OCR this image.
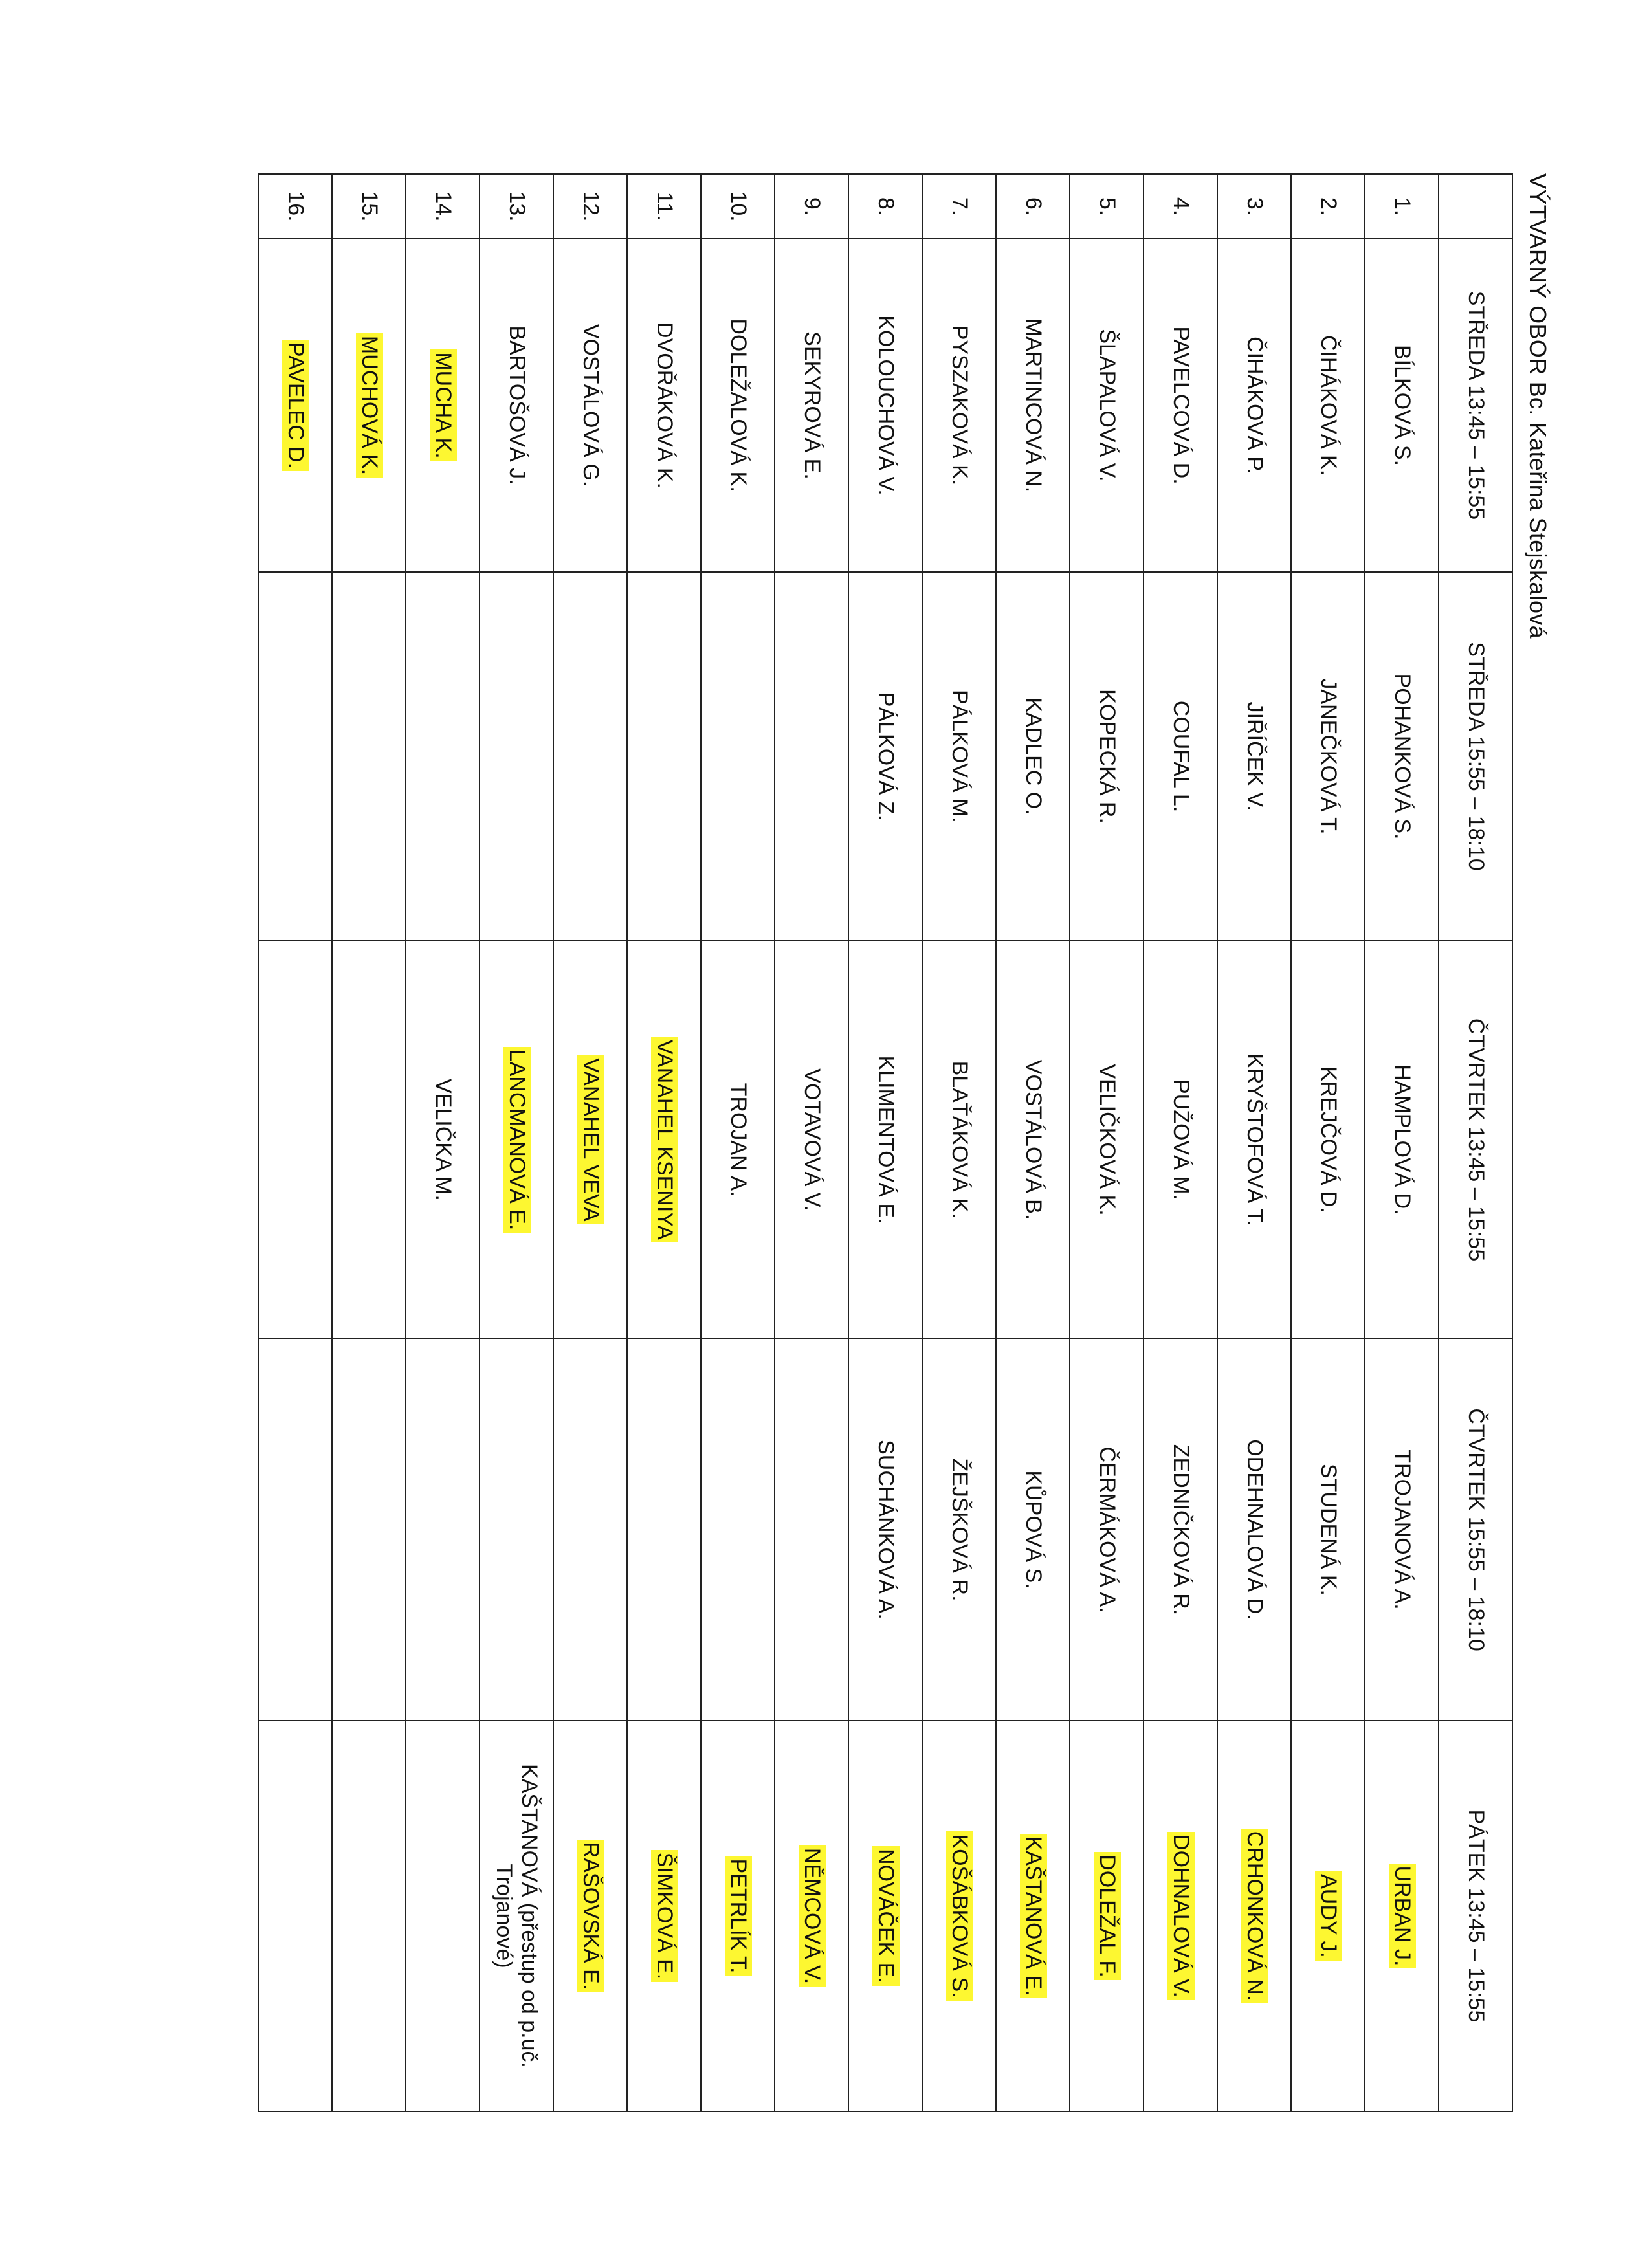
VÝTVARNÝ OBOR Bc. Kateřina Stejskalová
	STŘEDA 13:45 – 15:55	STŘEDA 15:55 – 18:10	ČTVRTEK 13:45 – 15:55	ČTVRTEK 15:55 – 18:10	PÁTEK 13:45 – 15:55
1.	BÍLKOVÁ S.	POHANKOVÁ S.	HAMPLOVÁ D.	TROJANOVÁ A.	URBAN J.
2.	ČIHÁKOVÁ K.	JANEČKOVÁ T.	KREJČOVÁ D.	STUDENÁ K.	AUDY J.
3.	ČIHÁKOVÁ P.	JIŘÍČEK V.	KRYŠTOFOVÁ T.	ODEHNALOVÁ D.	CRHONKOVÁ N.
4.	PAVELCOVÁ D.	COUFAL L.	PUŽOVÁ M.	ZEDNIČKOVÁ R.	DOHNALOVÁ V.
5.	ŠLAPALOVÁ V.	KOPECKÁ R.	VELIČKOVÁ K.	ČERMÁKOVÁ A.	DOLEŽAL F.
6.	MARTINCOVÁ N.	KADLEC O.	VOSTÁLOVÁ B.	KŮPOVÁ S.	KAŠTANOVÁ E.
7.	PYSZAKOVÁ K.	PÁLKOVÁ M.	BLAŤÁKOVÁ K.	ŽEJŠKOVÁ R.	KOŠÁBKOVÁ S.
8.	KOLOUCHOVÁ V.	PÁLKOVÁ Z.	KLIMENTOVÁ E.	SUCHÁNKOVÁ A.	NOVÁČEK E.
9.	SEKYROVÁ E.		VOTAVOVÁ V.		NĚMCOVÁ V.
10.	DOLEŽALOVÁ K.		TROJAN A.		PETRLÍK T.
11.	DVOŘÁKOVÁ K.		VANAHEL KSENIYA		ŠIMKOVÁ E.
12.	VOSTÁLOVÁ G.		VANAHEL VEVA		RAŠOVSKÁ E.
13.	BARTOŠOVÁ J.		LANCMANOVÁ E.		KAŠTANOVÁ (přestup od p.uč. Trojanové)
14.	MUCHA K.		VELIČKA M.		
15.	MUCHOVÁ K.				
16.	PAVELEC D.				
